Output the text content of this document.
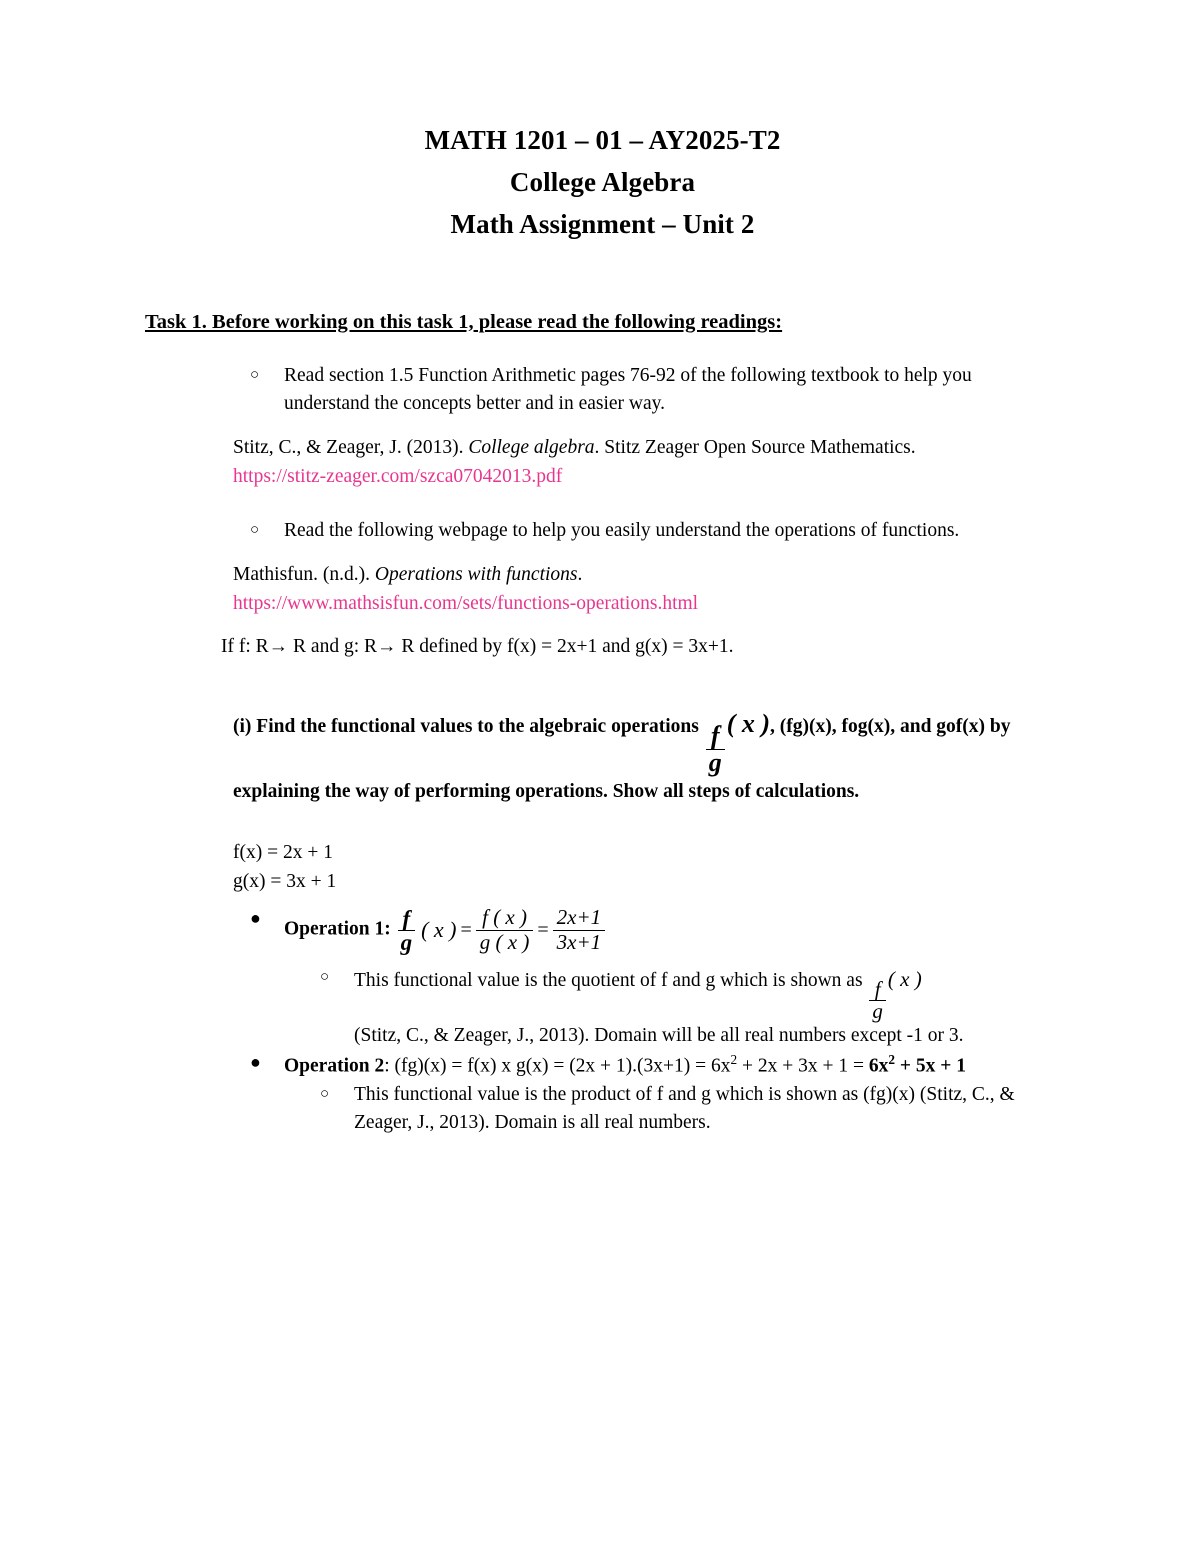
MATH 1201 – 01 – AY2025-T2
College Algebra
Math Assignment – Unit 2
Task 1. Before working on this task 1, please read the following readings:
○	Read section 1.5 Function Arithmetic pages 76-92 of the following textbook to help you understand the concepts better and in easier way.
Stitz, C., & Zeager, J. (2013). College algebra. Stitz Zeager Open Source Mathematics.
https://stitz-zeager.com/szca07042013.pdf
○	Read the following webpage to help you easily understand the operations of functions.
Mathisfun. (n.d.). Operations with functions.
https://www.mathsisfun.com/sets/functions-operations.html
If f: R→ R and g: R→ R defined by f(x) = 2x+1 and g(x) = 3x+1.
(i) Find the functional values to the algebraic operations $\frac{f}{g}$ ( x ), (fg)(x), fog(x), and gof(x) by explaining the way of performing operations. Show all steps of calculations.
f(x) = 2x + 1
g(x) = 3x + 1
●
Operation 1: $\frac{f}{g}$ ( x ) = $\frac{f ( x )}{g ( x )} = \frac{2x+1}{3x+1}$
○	This functional value is the quotient of f and g which is shown as $\frac{f}{g}$ ( x )
(Stitz, C., & Zeager, J., 2013). Domain will be all real numbers except -1 or 3.
●	Operation 2: (fg)(x) = f(x) x $g(x) = (2x + 1).(3x+1) = 6x^2 + 2x + 3x + 1 = 6x^2 + 5x + 1$
○	This functional value is the product of f and g which is shown as (fg)(x) (Stitz, C., & Zeager, J., 2013). Domain is all real numbers.
